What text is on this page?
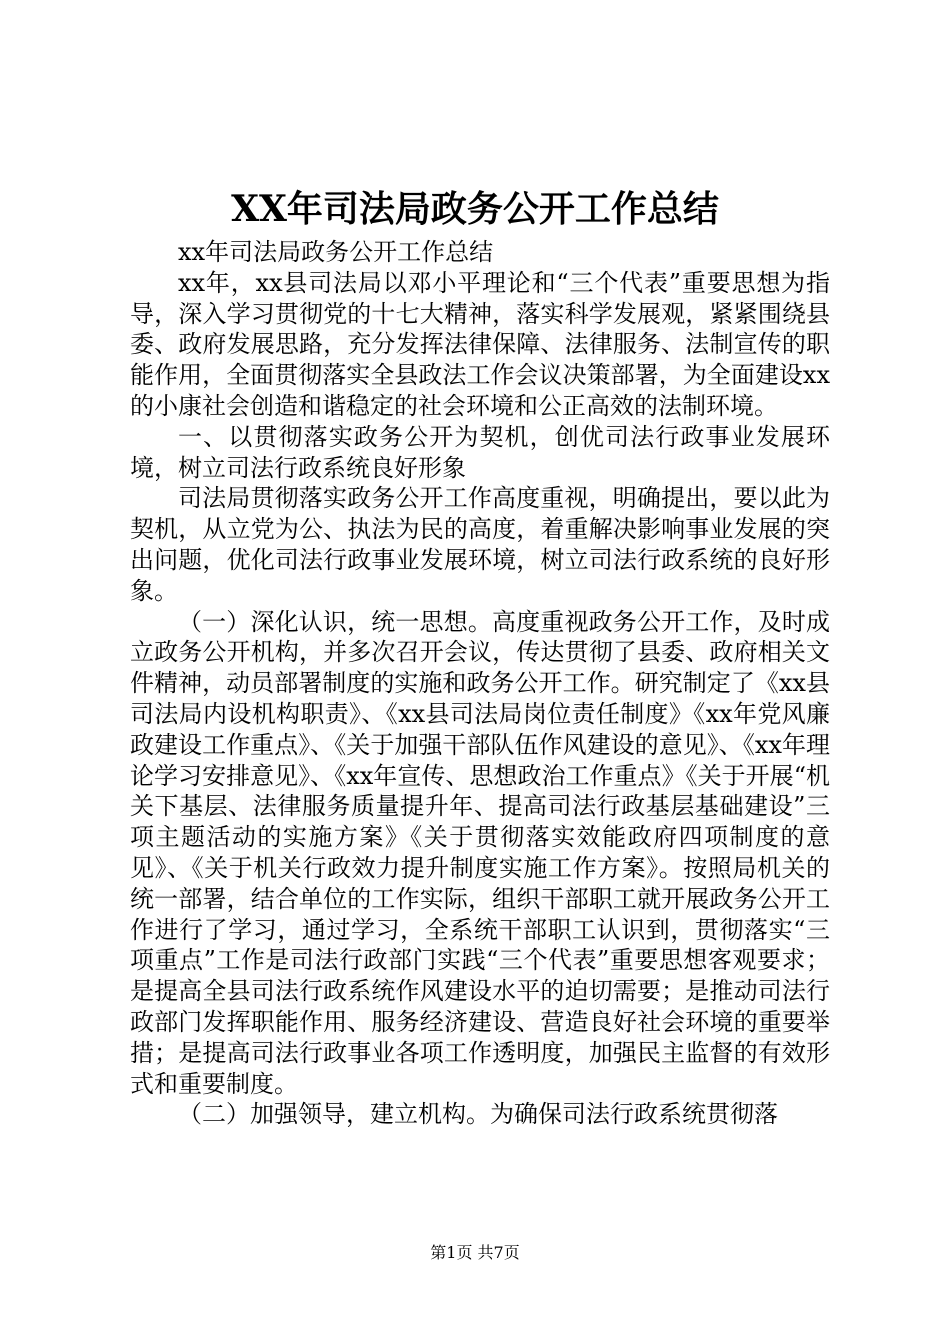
XX年司法局政务公开工作总结

xx年司法局政务公开工作总结

xx年，xx县司法局以邓小平理论和“三个代表”重要思想为指导，深入学习贯彻党的十七大精神，落实科学发展观，紧紧围绕县委、政府发展思路，充分发挥法律保障、法律服务、法制宣传的职能作用，全面贯彻落实全县政法工作会议决策部署，为全面建设xx的小康社会创造和谐稳定的社会环境和公正高效的法制环境。

一、以贯彻落实政务公开为契机，创优司法行政事业发展环境，树立司法行政系统良好形象

司法局贯彻落实政务公开工作高度重视，明确提出，要以此为契机，从立党为公、执法为民的高度，着重解决影响事业发展的突出问题，优化司法行政事业发展环境，树立司法行政系统的良好形象。

（一）深化认识，统一思想。高度重视政务公开工作，及时成立政务公开机构，并多次召开会议，传达贯彻了县委、政府相关文件精神，动员部署制度的实施和政务公开工作。研究制定了《xx县司法局内设机构职责》、《xx县司法局岗位责任制度》《xx年党风廉政建设工作重点》、《关于加强干部队伍作风建设的意见》、《xx年理论学习安排意见》、《xx年宣传、思想政治工作重点》《关于开展“机关下基层、法律服务质量提升年、提高司法行政基层基础建设”三项主题活动的实施方案》《关于贯彻落实效能政府四项制度的意见》、《关于机关行政效力提升制度实施工作方案》。按照局机关的统一部署，结合单位的工作实际，组织干部职工就开展政务公开工作进行了学习，通过学习，全系统干部职工认识到，贯彻落实“三项重点”工作是司法行政部门实践“三个代表”重要思想客观要求；是提高全县司法行政系统作风建设水平的迫切需要；是推动司法行政部门发挥职能作用、服务经济建设、营造良好社会环境的重要举措；是提高司法行政事业各项工作透明度，加强民主监督的有效形式和重要制度。

（二）加强领导，建立机构。为确保司法行政系统贯彻落

第1页 共7页
